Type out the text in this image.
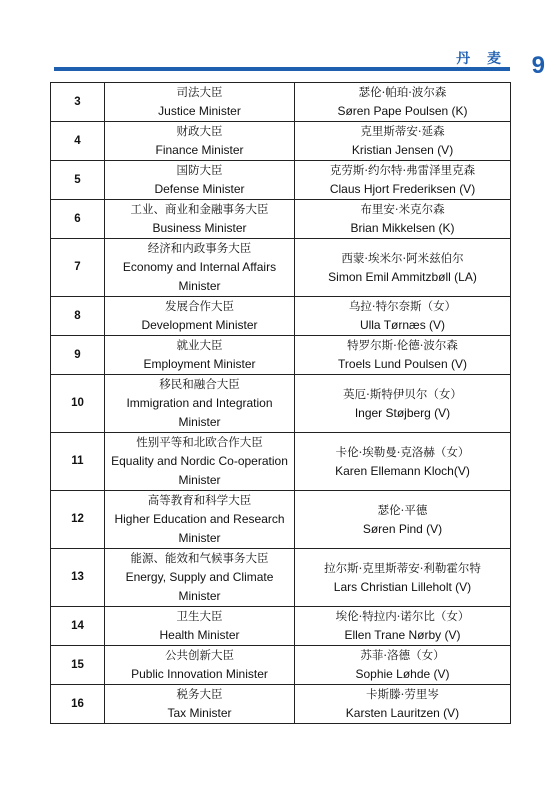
丹 麦 9
3	司法大臣
Justice Minister	瑟伦·帕珀·波尔森
Søren Pape Poulsen (K)

4	财政大臣
Finance Minister	克里斯蒂安·延森
Kristian Jensen (V)

5	国防大臣
Defense Minister	克劳斯·约尔特·弗雷泽里克森
Claus Hjort Frederiksen (V)

6	工业、商业和金融事务大臣
Business Minister	布里安·米克尔森
Brian Mikkelsen (K)

7	经济和内政事务大臣
Economy and Internal Affairs
Minister	西蒙·埃米尔·阿米兹伯尔
Simon Emil Ammitzbøll (LA)

8	发展合作大臣
Development Minister	乌拉·特尔奈斯（女）
Ulla Tørnæs (V)

9	就业大臣
Employment Minister	特罗尔斯·伦德·波尔森
Troels Lund Poulsen (V)

10	移民和融合大臣
Immigration and Integration
Minister	英厄·斯特伊贝尔（女）
Inger Støjberg (V)

11	性别平等和北欧合作大臣
Equality and Nordic Co-operation
Minister	卡伦·埃勒曼·克洛赫（女）
Karen Ellemann Kloch(V)

12	高等教育和科学大臣
Higher Education and Research
Minister	瑟伦·平德
Søren Pind (V)

13	能源、能效和气候事务大臣
Energy, Supply and Climate
Minister	拉尔斯·克里斯蒂安·利勒霍尔特
Lars Christian Lilleholt (V)

14	卫生大臣
Health Minister	埃伦·特拉内·诺尔比（女）
Ellen Trane Nørby (V)

15	公共创新大臣
Public Innovation Minister	苏菲·洛德（女）
Sophie Løhde (V)

16	税务大臣
Tax Minister	卡斯滕·劳里岑
Karsten Lauritzen (V)
